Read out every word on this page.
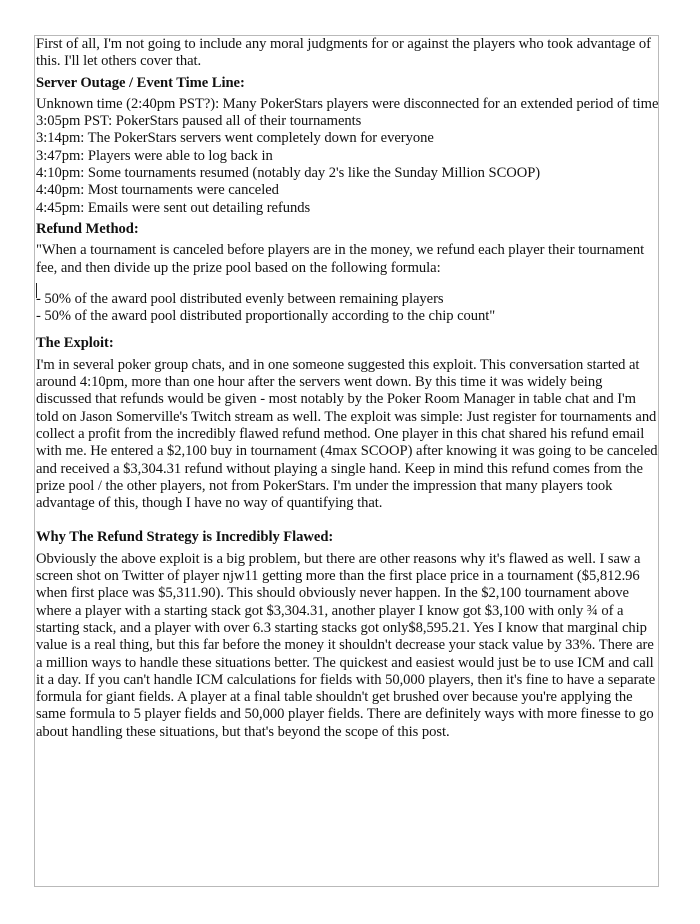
First of all, I'm not going to include any moral judgments for or against the players who took advantage of this. I'll let others cover that.

Server Outage / Event Time Line:

Unknown time (2:40pm PST?): Many PokerStars players were disconnected for an extended period of time

3:05pm PST: PokerStars paused all of their tournaments

3:14pm: The PokerStars servers went completely down for everyone

3:47pm: Players were able to log back in

4:10pm: Some tournaments resumed (notably day 2's like the Sunday Million SCOOP)

4:40pm: Most tournaments were canceled

4:45pm: Emails were sent out detailing refunds

Refund Method:

"When a tournament is canceled before players are in the money, we refund each player their tournament fee, and then divide up the prize pool based on the following formula:

- 50% of the award pool distributed evenly between remaining players

- 50% of the award pool distributed proportionally according to the chip count"

The Exploit:

I'm in several poker group chats, and in one someone suggested this exploit. This conversation started at around 4:10pm, more than one hour after the servers went down. By this time it was widely being discussed that refunds would be given - most notably by the Poker Room Manager in table chat and I'm told on Jason Somerville's Twitch stream as well. The exploit was simple: Just register for tournaments and collect a profit from the incredibly flawed refund method. One player in this chat shared his refund email with me. He entered a $2,100 buy in tournament (4max SCOOP) after knowing it was going to be canceled and received a $3,304.31 refund without playing a single hand. Keep in mind this refund comes from the prize pool / the other players, not from PokerStars. I'm under the impression that many players took advantage of this, though I have no way of quantifying that.

Why The Refund Strategy is Incredibly Flawed:

Obviously the above exploit is a big problem, but there are other reasons why it's flawed as well. I saw a screen shot on Twitter of player njw11 getting more than the first place price in a tournament ($5,812.96 when first place was $5,311.90). This should obviously never happen. In the $2,100 tournament above where a player with a starting stack got $3,304.31, another player I know got $3,100 with only ¾ of a starting stack, and a player with over 6.3 starting stacks got only$8,595.21. Yes I know that marginal chip value is a real thing, but this far before the money it shouldn't decrease your stack value by 33%. There are a million ways to handle these situations better. The quickest and easiest would just be to use ICM and call it a day. If you can't handle ICM calculations for fields with 50,000 players, then it's fine to have a separate formula for giant fields. A player at a final table shouldn't get brushed over because you're applying the same formula to 5 player fields and 50,000 player fields. There are definitely ways with more finesse to go about handling these situations, but that's beyond the scope of this post.
